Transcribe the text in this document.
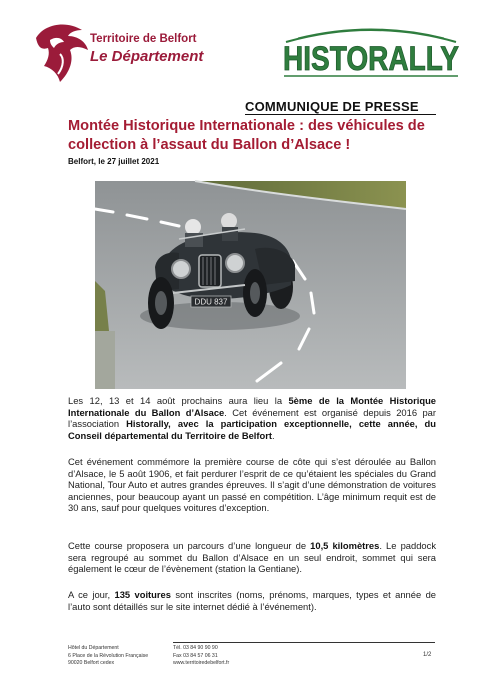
Territoire de Belfort
Le Département	HISTORALLY
COMMUNIQUE DE PRESSE
Montée Historique Internationale : des véhicules de collection à l’assaut du Ballon d’Alsace !
Belfort, le 27 juillet 2021
DDU 837
Les 12, 13 et 14 août prochains aura lieu la 5ème de la Montée Historique Internationale du Ballon d’Alsace. Cet événement est organisé depuis 2016 par l’association Historally, avec la participation exceptionnelle, cette année, du Conseil départemental du Territoire de Belfort.
Cet événement commémore la première course de côte qui s’est déroulée au Ballon d’Alsace, le 5 août 1906, et fait perdurer l’esprit de ce qu’étaient les spéciales du Grand National, Tour Auto et autres grandes épreuves. Il s’agit d’une démonstration de voitures anciennes, pour beaucoup ayant un passé en compétition. L’âge minimum requit est de 30 ans, sauf pour quelques voitures d’exception.
Cette course proposera un parcours d’une longueur de 10,5 kilomètres. Le paddock sera regroupé au sommet du Ballon d’Alsace en un seul endroit, sommet qui sera également le cœur de l’évènement (station la Gentiane).
A ce jour, 135 voitures sont inscrites (noms, prénoms, marques, types et année de l’auto sont détaillés sur le site internet dédié à l’événement).
Hôtel du Département
6 Place de la Révolution Française
90020 Belfort cedex
Tél. 03 84 90 90 90
Fax 03 84 57 06 31
www.territoiredebelfort.fr
1/2
